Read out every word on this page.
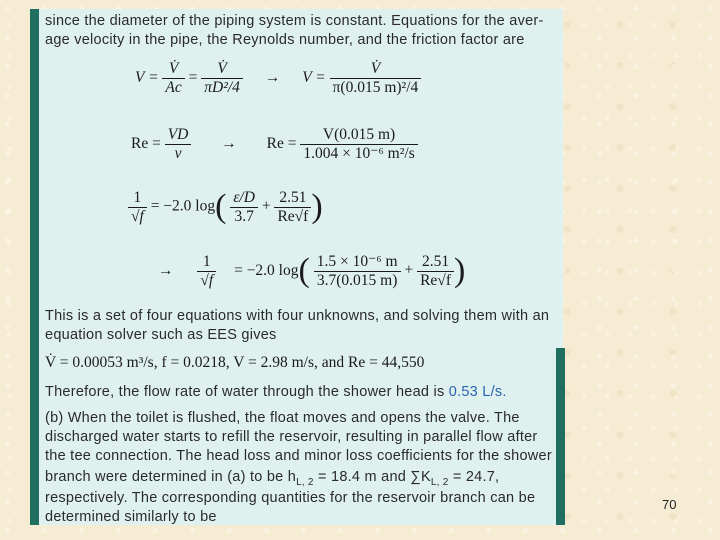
since the diameter of the piping system is constant. Equations for the aver-
age velocity in the pipe, the Reynolds number, and the friction factor are
$V = \frac{V̇}{Ac} = \frac{V̇}{\text{πD²/4}} \to V = \frac{V̇}{\text{π(0.015 m)²/4}}$
$Re = \frac{VD}{\nu} \to Re = \frac{V(0.015 m)}{\text{1.004 × 10⁻⁶ m²/s}}$
$\frac{1}{√f} = -2.0$ $\log( \frac{\varepsilon/D}{3.7} + \frac{2.51}{Re√f}$ )
→ $\frac{1}{√f} = -2.0$ $\log( \frac{\text{1.5 × 10⁻⁶ m}}{3.7(0.015 m)} + \frac{2.51}{Re√f}$ )
This is a set of four equations with four unknowns, and solving them with an
equation solver such as EES gives
V̇ = 0.00053 m³/s, f = 0.0218, V = 2.98 m/s, and Re = 44,550
Therefore, the flow rate of water through the shower head is 0.53 L/s.
(b) When the toilet is flushed, the float moves and opens the valve. The
discharged water starts to refill the reservoir, resulting in parallel flow after
the tee connection. The head loss and minor loss coefficients for the shower
branch were determined in (a) to be $h_{L, 2} = 18.4$ m and $\sum K_{L, 2} = 24.7$,
respectively. The corresponding quantities for the reservoir branch can be
determined similarly to be
70
